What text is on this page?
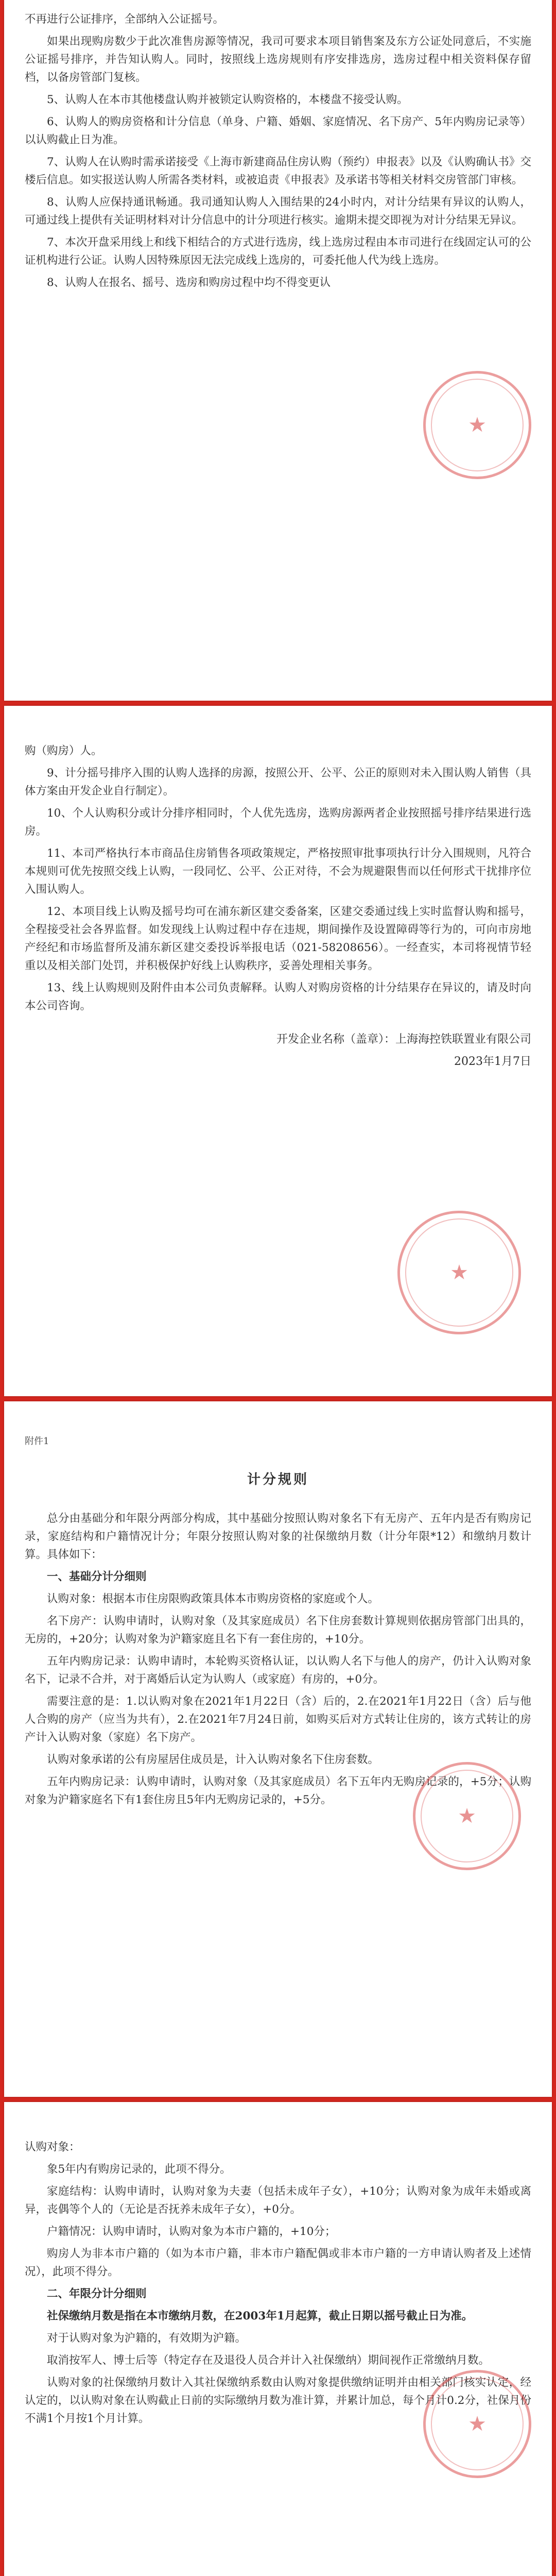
不再进行公证排序，全部纳入公证摇号。

如果出现购房数少于此次准售房源等情况，我司可要求本项目销售案及东方公证处同意后，不实施公证摇号排序，并告知认购人。同时，按照线上选房规则有序安排选房，选房过程中相关资料保存留档，以备房管部门复核。

5、认购人在本市其他楼盘认购并被锁定认购资格的，本楼盘不接受认购。

6、认购人的购房资格和计分信息（单身、户籍、婚姻、家庭情况、名下房产、5年内购房记录等）以认购截止日为准。

7、认购人在认购时需承诺接受《上海市新建商品住房认购（预约）申报表》以及《认购确认书》交楼后信息。如实报送认购人所需各类材料，或被追责《申报表》及承诺书等相关材料交房管部门审核。

8、认购人应保持通讯畅通。我司通知认购人入围结果的24小时内，对计分结果有异议的认购人，可通过线上提供有关证明材料对计分信息中的计分项进行核实。逾期未提交即视为对计分结果无异议。

7、本次开盘采用线上和线下相结合的方式进行选房，线上选房过程由本市司进行在线固定认可的公证机构进行公证。认购人因特殊原因无法完成线上选房的，可委托他人代为线上选房。

8、认购人在报名、摇号、选房和购房过程中均不得变更认

★

购（购房）人。

9、计分摇号排序入围的认购人选择的房源，按照公开、公平、公正的原则对未入围认购人销售（具体方案由开发企业自行制定）。

10、个人认购积分或计分排序相同时，个人优先选房，选购房源两者企业按照摇号排序结果进行选房。

11、本司严格执行本市商品住房销售各项政策规定，严格按照审批事项执行计分入围规则，凡符合本规则可优先按照交线上认购，一段同忆、公平、公正对待，不会为规避限售而以任何形式干扰排序位入围认购人。

12、本项目线上认购及摇号均可在浦东新区建交委备案，区建交委通过线上实时监督认购和摇号，全程接受社会各界监督。如发现线上认购过程中存在违规，期间操作及设置障碍等行为的，可向市房地产经纪和市场监督所及浦东新区建交委投诉举报电话（021-58208656）。一经查实，本司将视情节轻重以及相关部门处罚，并积极保护好线上认购秩序，妥善处理相关事务。

13、线上认购规则及附件由本公司负责解释。认购人对购房资格的计分结果存在异议的，请及时向本公司咨询。

开发企业名称（盖章）：上海海控铁联置业有限公司

2023年1月7日

★

附件1

计分规则

总分由基础分和年限分两部分构成，其中基础分按照认购对象名下有无房产、五年内是否有购房记录，家庭结构和户籍情况计分；年限分按照认购对象的社保缴纳月数（计分年限*12）和缴纳月数计算。具体如下：

一、基础分计分细则

认购对象：根据本市住房限购政策具体本市购房资格的家庭或个人。

名下房产：认购申请时，认购对象（及其家庭成员）名下住房套数计算规则依据房管部门出具的，无房的，+20分；认购对象为沪籍家庭且名下有一套住房的，+10分。

五年内购房记录：认购申请时，本轮购买资格认证，以认购人名下与他人的房产，仍计入认购对象名下，记录不合并，对于离婚后认定为认购人（或家庭）有房的，+0分。

需要注意的是：1.以认购对象在2021年1月22日（含）后的，2.在2021年1月22日（含）后与他人合购的房产（应当为共有），2.在2021年7月24日前，如购买后对方式转让住房的，该方式转让的房产计入认购对象（家庭）名下房产。

认购对象承诺的公有房屋居住成员是，计入认购对象名下住房套数。

五年内购房记录：认购申请时，认购对象（及其家庭成员）名下五年内无购房记录的，+5分；认购对象为沪籍家庭名下有1套住房且5年内无购房记录的，+5分。

★

认购对象：

象5年内有购房记录的，此项不得分。

家庭结构：认购申请时，认购对象为夫妻（包括未成年子女），+10分；认购对象为成年未婚或离异，丧偶等个人的（无论是否抚养未成年子女），+0分。

户籍情况：认购申请时，认购对象为本市户籍的，+10分；

购房人为非本市户籍的（如为本市户籍，非本市户籍配偶或非本市户籍的一方申请认购者及上述情况），此项不得分。

二、年限分计分细则

社保缴纳月数是指在本市缴纳月数，在2003年1月起算，截止日期以摇号截止日为准。

对于认购对象为沪籍的，有效期为沪籍。

取消按军人、博士后等（特定存在及退役人员合并计入社保缴纳）期间视作正常缴纳月数。

认购对象的社保缴纳月数计入其社保缴纳系数由认购对象提供缴纳证明并由相关部门核实认定，经认定的，以认购对象在认购截止日前的实际缴纳月数为准计算，并累计加总，每个月计0.2分，社保月份不满1个月按1个月计算。	★
